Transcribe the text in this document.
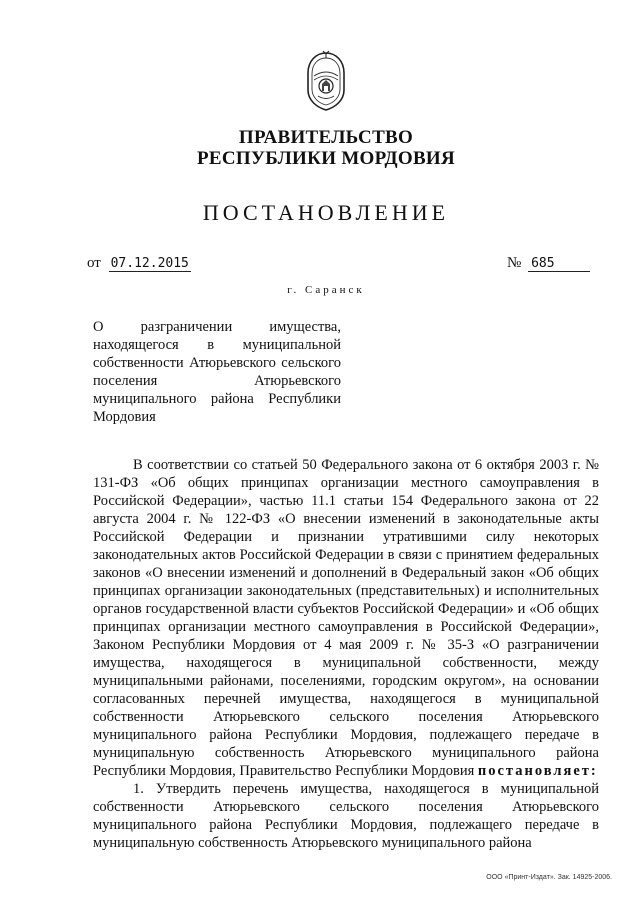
ПРАВИТЕЛЬСТВО
РЕСПУБЛИКИ МОРДОВИЯ
ПОСТАНОВЛЕНИЕ
от 07.12.2015	№ 685
г. Саранск
О разграничении имущества, находящегося в муниципальной собственности Атюрьевского сельского поселения Атюрьевского муниципального района Республики Мордовия

В соответствии со статьей 50 Федерального закона от 6 октября 2003 г. № 131-ФЗ «Об общих принципах организации местного самоуправления в Российской Федерации», частью 11.1 статьи 154 Федерального закона от 22 августа 2004 г. № 122-ФЗ «О внесении изменений в законодательные акты Российской Федерации и признании утратившими силу некоторых законодательных актов Российской Федерации в связи с принятием федеральных законов «О внесении изменений и дополнений в Федеральный закон «Об общих принципах организации законодательных (представительных) и исполнительных органов государственной власти субъектов Российской Федерации» и «Об общих принципах организации местного самоуправления в Российской Федерации», Законом Республики Мордовия от 4 мая 2009 г. № 35-З «О разграничении имущества, находящегося в муниципальной собственности, между муниципальными районами, поселениями, городским округом», на основании согласованных перечней имущества, находящегося в муниципальной собственности Атюрьевского сельского поселения Атюрьевского муниципального района Республики Мордовия, подлежащего передаче в муниципальную собственность Атюрьевского муниципального района Республики Мордовия, Правительство Республики Мордовия постановляет:

1. Утвердить перечень имущества, находящегося в муниципальной собственности Атюрьевского сельского поселения Атюрьевского муниципального района Республики Мордовия, подлежащего передаче в муниципальную собственность Атюрьевского муниципального района

ООО «Принт-Издат». Зак. 14925-2006.
